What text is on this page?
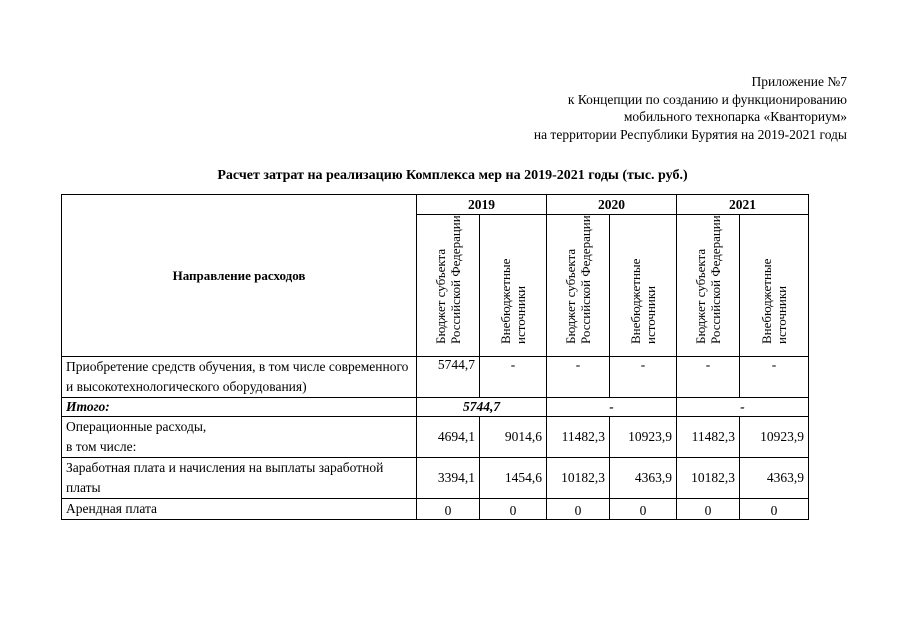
Приложение №7
к Концепции по созданию и функционированию
мобильного технопарка «Кванториум»
на территории Республики Бурятия на 2019-2021 годы
Расчет затрат на реализацию Комплекса мер на 2019-2021 годы (тыс. руб.)
Направление расходов	2019		2020		2021	
	Бюджет субъекта Российской Федерации	Внебюджетные источники	Бюджет субъекта Российской Федерации	Внебюджетные источники	Бюджет субъекта Российской Федерации	Внебюджетные источники
Приобретение средств обучения, в том числе современного и высокотехнологического оборудования)	5744,7	-	-	-	-	-
Итого:	5744,7		-		-	

Операционные расходы,
в том числе:	4694,1	9014,6	11482,3	10923,9	11482,3	10923,9
Заработная плата и начисления на выплаты заработной платы	3394,1	1454,6	10182,3	4363,9	10182,3	4363,9
Арендная плата	0	0	0	0	0	0
